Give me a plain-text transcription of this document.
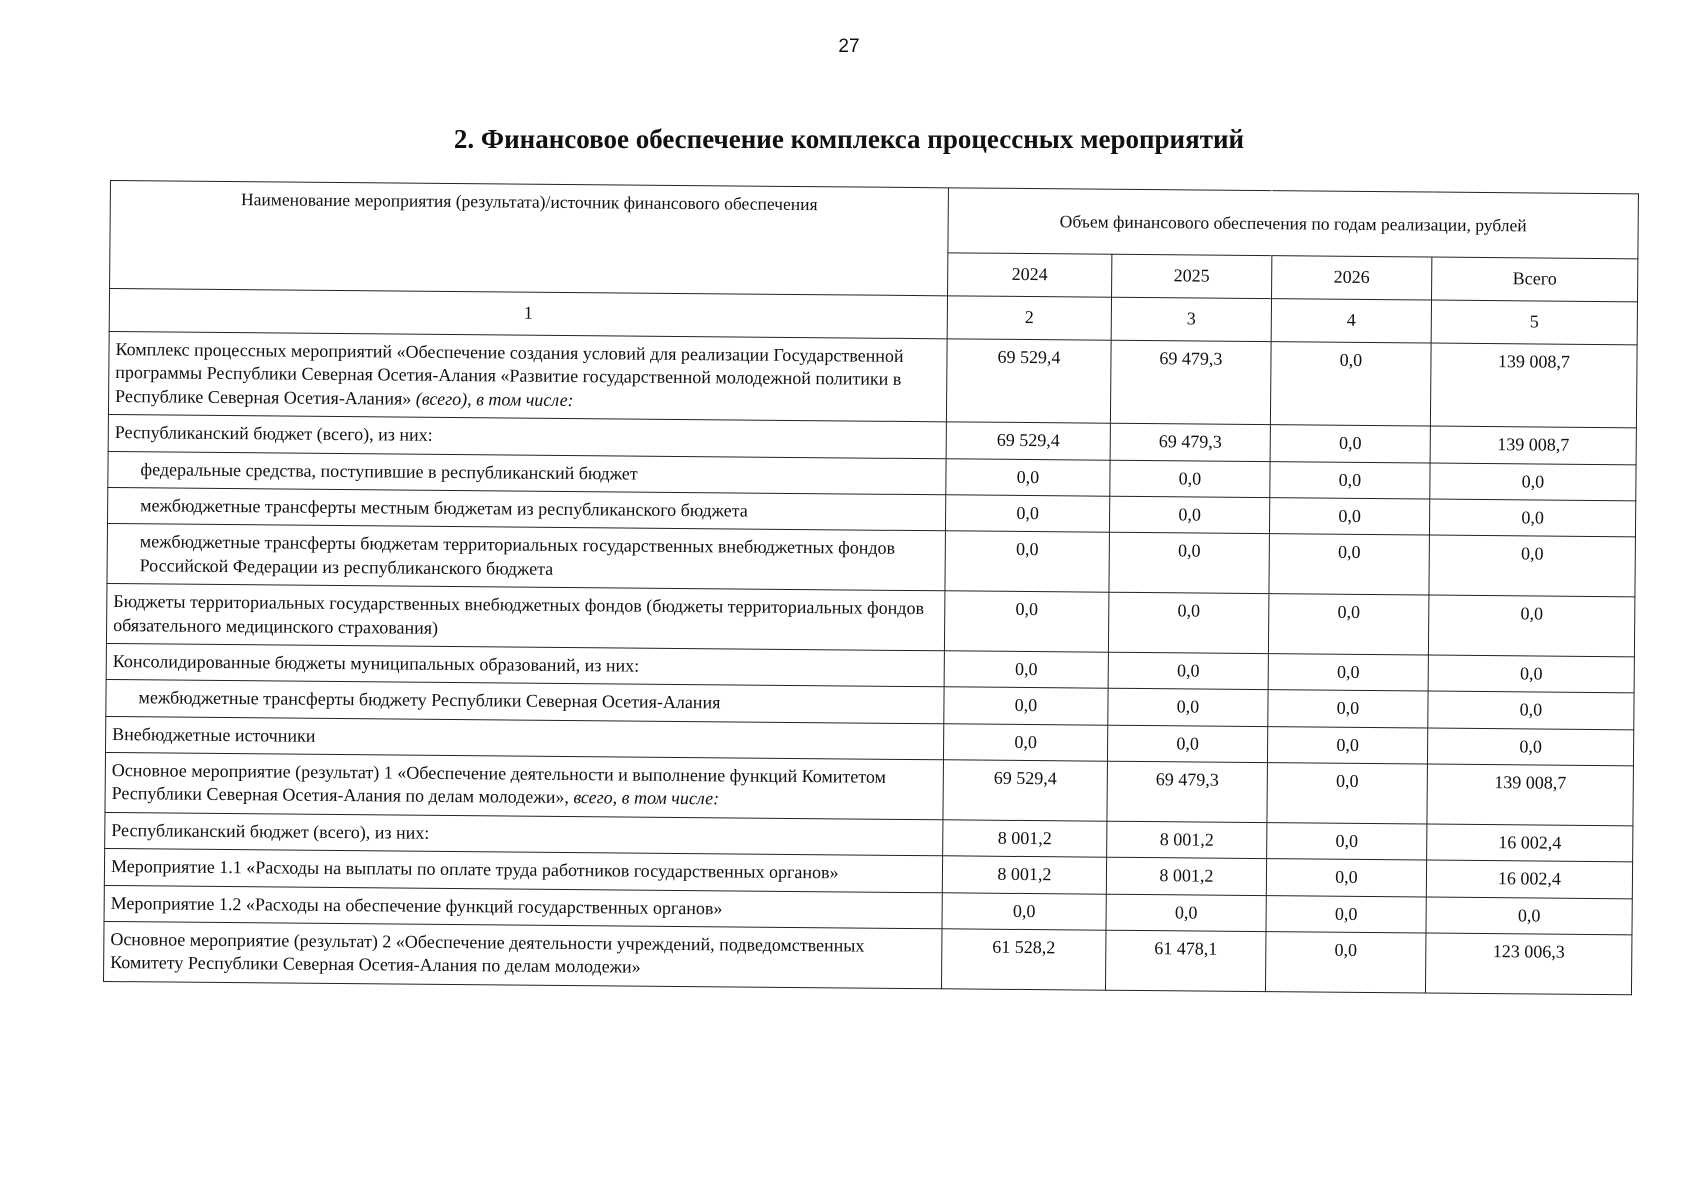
27
2. Финансовое обеспечение комплекса процессных мероприятий
Наименование мероприятия (результата)/источник финансового обеспечения	Объем финансового обеспечения по годам реализации, рублей			
	2024	2025	2026	Всего
1	2	3	4	5
Комплекс процессных мероприятий «Обеспечение создания условий для реализации Государственной программы Республики Северная Осетия-Алания «Развитие государственной молодежной политики в Республике Северная Осетия-Алания» (всего), в том числе:	69 529,4	69 479,3	0,0	139 008,7
Республиканский бюджет (всего), из них:	69 529,4	69 479,3	0,0	139 008,7
федеральные средства, поступившие в республиканский бюджет	0,0	0,0	0,0	0,0
межбюджетные трансферты местным бюджетам из республиканского бюджета	0,0	0,0	0,0	0,0
межбюджетные трансферты бюджетам территориальных государственных внебюджетных фондов Российской Федерации из республиканского бюджета	0,0	0,0	0,0	0,0
Бюджеты территориальных государственных внебюджетных фондов (бюджеты территориальных фондов обязательного медицинского страхования)	0,0	0,0	0,0	0,0
Консолидированные бюджеты муниципальных образований, из них:	0,0	0,0	0,0	0,0
межбюджетные трансферты бюджету Республики Северная Осетия-Алания	0,0	0,0	0,0	0,0
Внебюджетные источники	0,0	0,0	0,0	0,0
Основное мероприятие (результат) 1 «Обеспечение деятельности и выполнение функций Комитетом Республики Северная Осетия-Алания по делам молодежи», всего, в том числе:	69 529,4	69 479,3	0,0	139 008,7
Республиканский бюджет (всего), из них:	8 001,2	8 001,2	0,0	16 002,4
Мероприятие 1.1 «Расходы на выплаты по оплате труда работников государственных органов»	8 001,2	8 001,2	0,0	16 002,4
Мероприятие 1.2 «Расходы на обеспечение функций государственных органов»	0,0	0,0	0,0	0,0
Основное мероприятие (результат) 2 «Обеспечение деятельности учреждений, подведомственных Комитету Республики Северная Осетия-Алания по делам молодежи»	61 528,2	61 478,1	0,0	123 006,3
